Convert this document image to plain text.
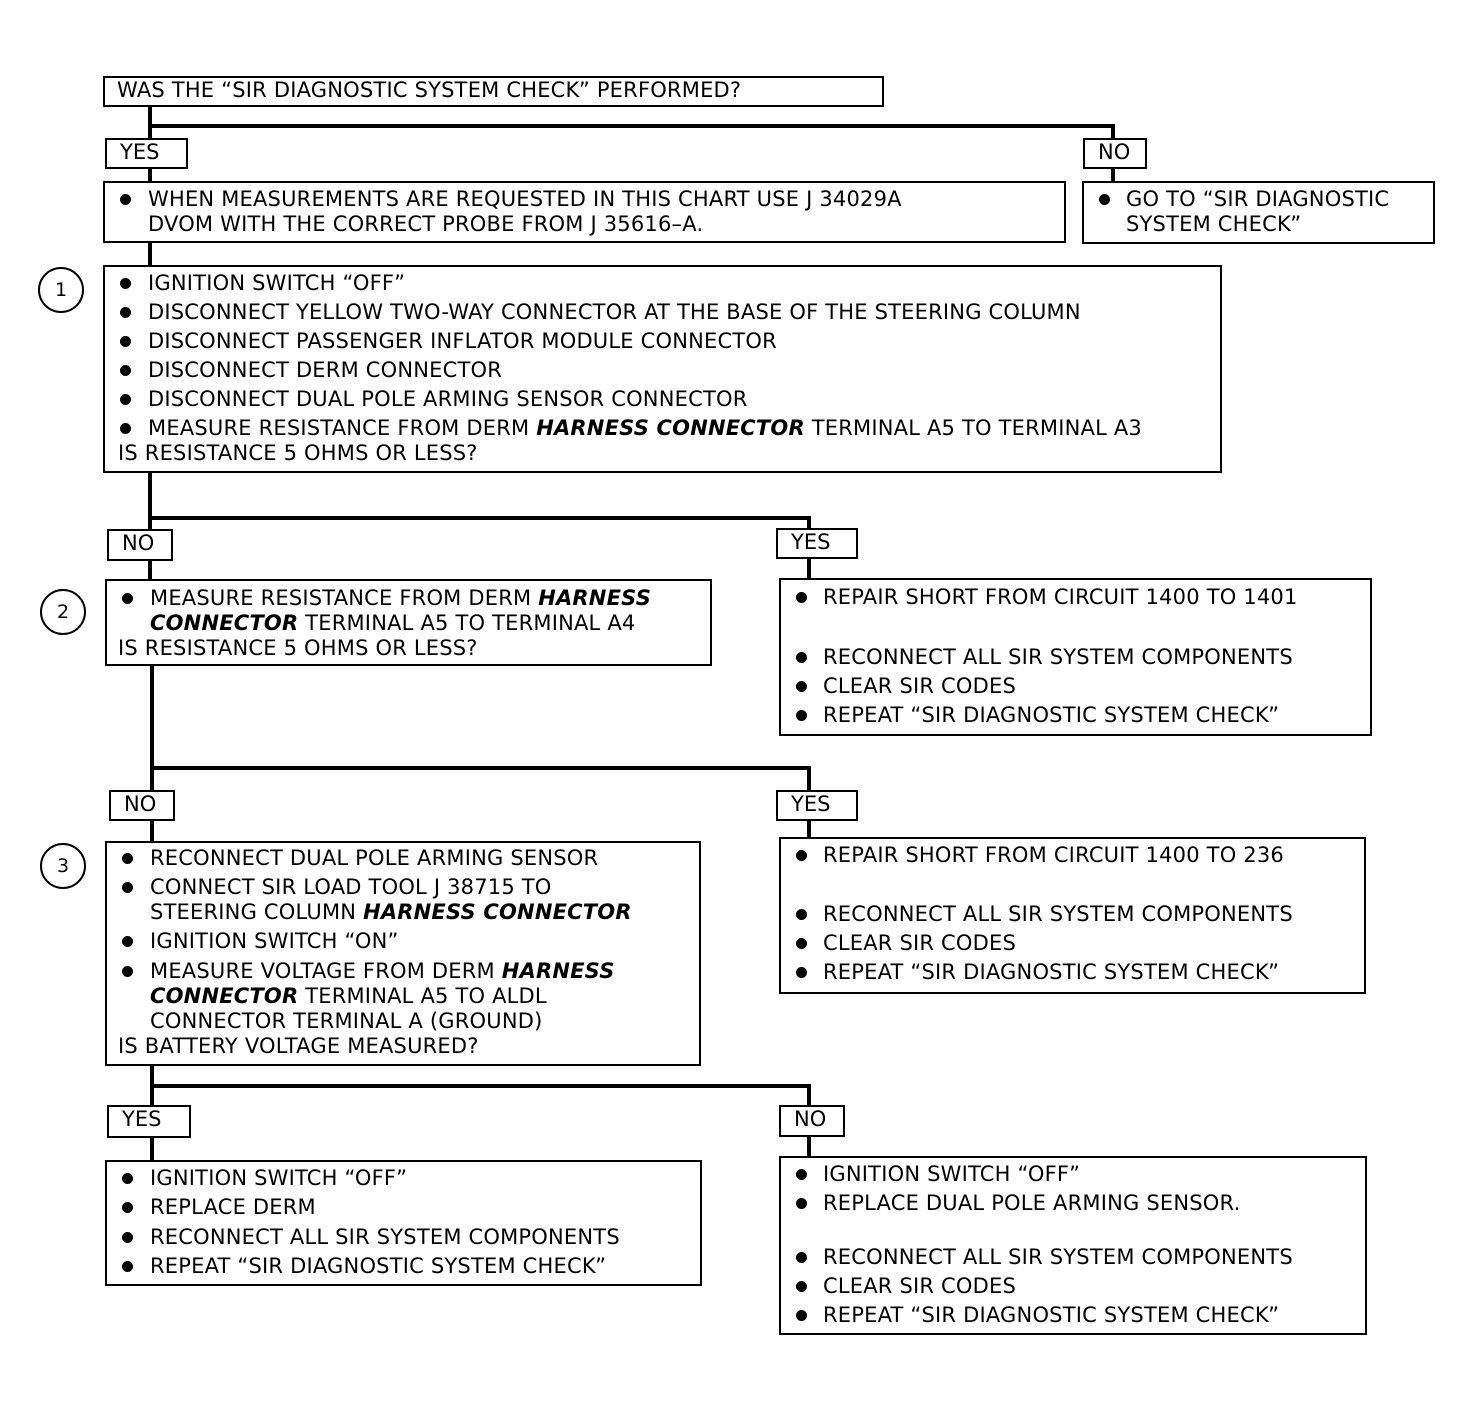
WAS THE “SIR DIAGNOSTIC SYSTEM CHECK” PERFORMED?
YES	NO
WHEN MEASUREMENTS ARE REQUESTED IN THIS CHART USE J 34029A
DVOM WITH THE CORRECT PROBE FROM J 35616–A.
GO TO “SIR DIAGNOSTIC
SYSTEM CHECK”
1	IGNITION SWITCH “OFF”
DISCONNECT YELLOW TWO-WAY CONNECTOR AT THE BASE OF THE STEERING COLUMN
DISCONNECT PASSENGER INFLATOR MODULE CONNECTOR
DISCONNECT DERM CONNECTOR
DISCONNECT DUAL POLE ARMING SENSOR CONNECTOR
MEASURE RESISTANCE FROM DERM HARNESS CONNECTOR TERMINAL A5 TO TERMINAL A3
IS RESISTANCE 5 OHMS OR LESS?
NO	YES
2
MEASURE RESISTANCE FROM DERM HARNESS
CONNECTOR TERMINAL A5 TO TERMINAL A4
IS RESISTANCE 5 OHMS OR LESS?
REPAIR SHORT FROM CIRCUIT 1400 TO 1401
RECONNECT ALL SIR SYSTEM COMPONENTS
CLEAR SIR CODES
REPEAT “SIR DIAGNOSTIC SYSTEM CHECK”
NO	YES
3	RECONNECT DUAL POLE ARMING SENSOR
CONNECT SIR LOAD TOOL J 38715 TO
STEERING COLUMN HARNESS CONNECTOR
IGNITION SWITCH “ON”
MEASURE VOLTAGE FROM DERM HARNESS
CONNECTOR TERMINAL A5 TO ALDL
CONNECTOR TERMINAL A (GROUND)
IS BATTERY VOLTAGE MEASURED?
REPAIR SHORT FROM CIRCUIT 1400 TO 236
RECONNECT ALL SIR SYSTEM COMPONENTS
CLEAR SIR CODES
REPEAT “SIR DIAGNOSTIC SYSTEM CHECK”
YES	NO
IGNITION SWITCH “OFF”
REPLACE DERM
RECONNECT ALL SIR SYSTEM COMPONENTS
REPEAT “SIR DIAGNOSTIC SYSTEM CHECK”
IGNITION SWITCH “OFF”
REPLACE DUAL POLE ARMING SENSOR.
RECONNECT ALL SIR SYSTEM COMPONENTS
CLEAR SIR CODES
REPEAT “SIR DIAGNOSTIC SYSTEM CHECK”
